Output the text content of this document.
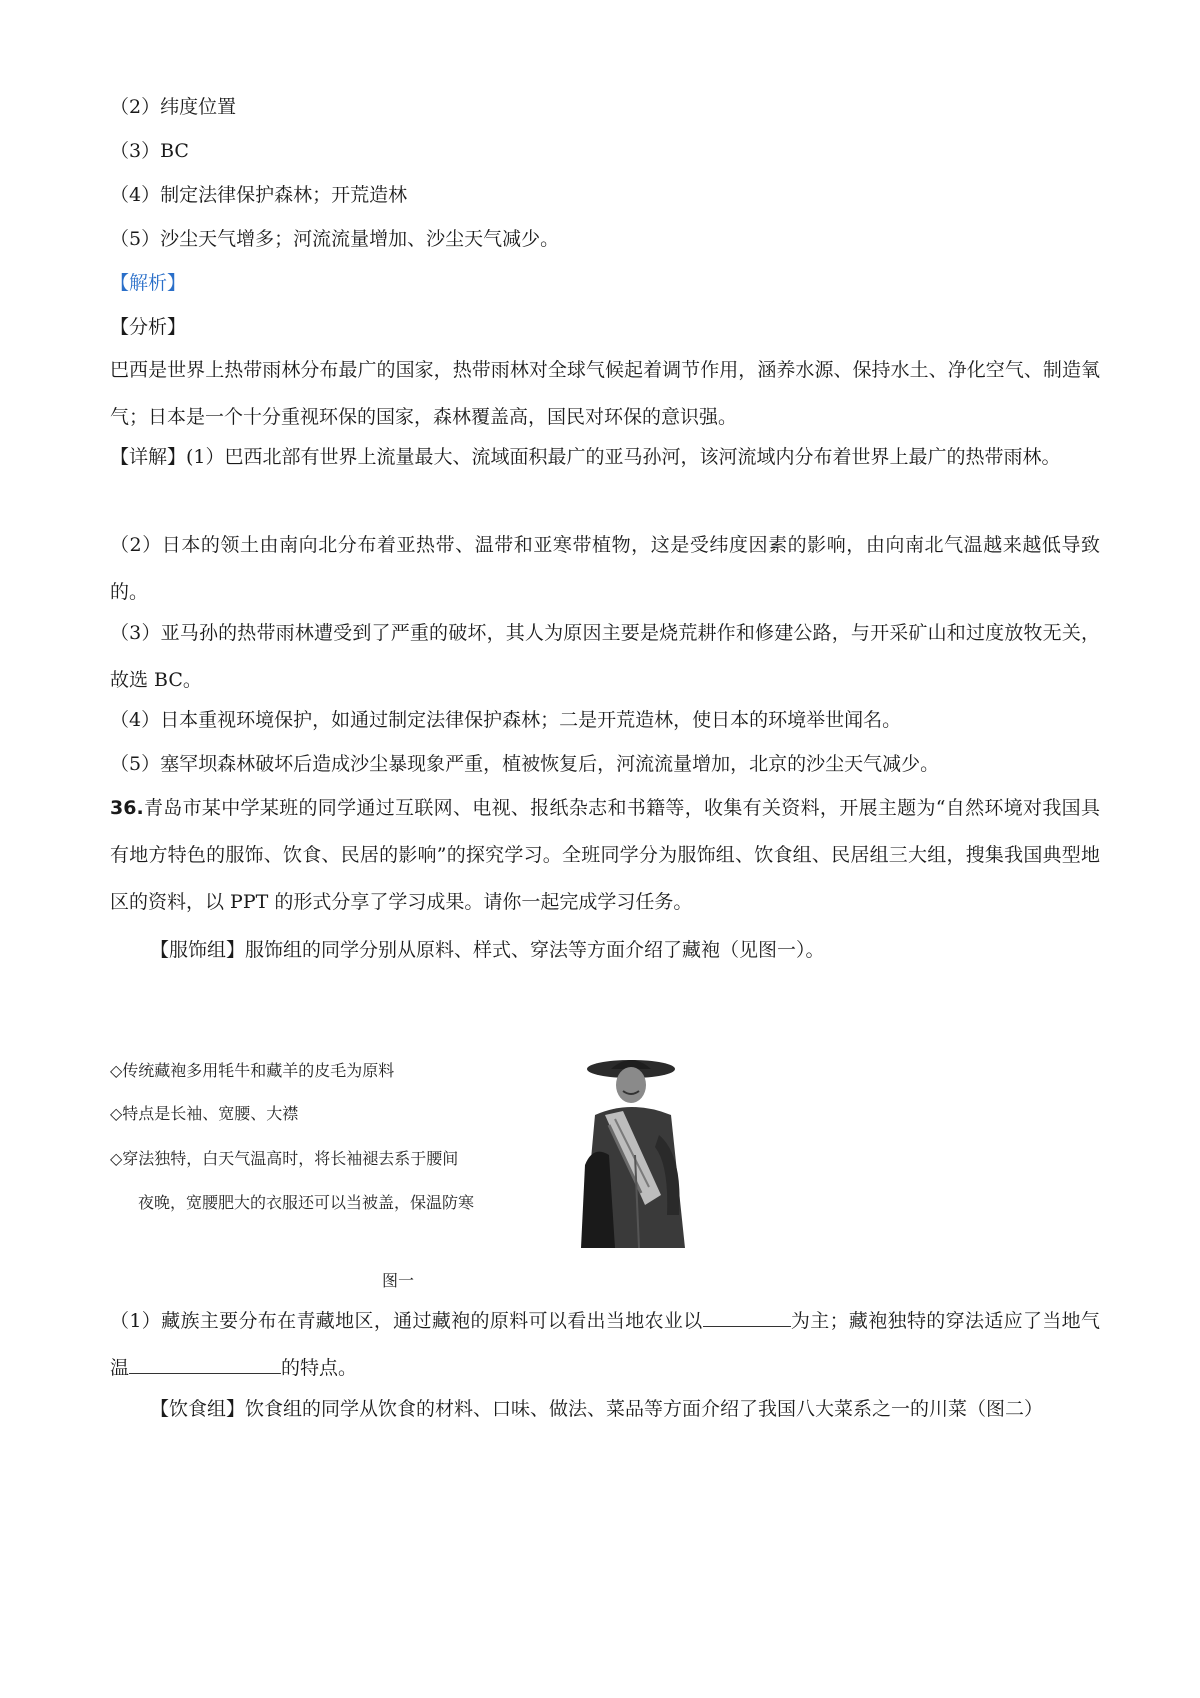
（2）纬度位置
（3）BC
（4）制定法律保护森林；开荒造林
（5）沙尘天气增多；河流流量增加、沙尘天气减少。
【解析】
【分析】
巴西是世界上热带雨林分布最广的国家，热带雨林对全球气候起着调节作用，涵养水源、保持水土、净化空气、制造氧气；日本是一个十分重视环保的国家，森林覆盖高，国民对环保的意识强。
【详解】(1）巴西北部有世界上流量最大、流域面积最广的亚马孙河，该河流域内分布着世界上最广的热带雨林。
（2）日本的领土由南向北分布着亚热带、温带和亚寒带植物，这是受纬度因素的影响，由向南北气温越来越低导致的。
（3）亚马孙的热带雨林遭受到了严重的破坏，其人为原因主要是烧荒耕作和修建公路，与开采矿山和过度放牧无关，故选 BC。
（4）日本重视环境保护，如通过制定法律保护森林；二是开荒造林，使日本的环境举世闻名。
（5）塞罕坝森林破坏后造成沙尘暴现象严重，植被恢复后，河流流量增加，北京的沙尘天气减少。
36.青岛市某中学某班的同学通过互联网、电视、报纸杂志和书籍等，收集有关资料，开展主题为“自然环境对我国具有地方特色的服饰、饮食、民居的影响”的探究学习。全班同学分为服饰组、饮食组、民居组三大组，搜集我国典型地区的资料，以 PPT 的形式分享了学习成果。请你一起完成学习任务。
【服饰组】服饰组的同学分别从原料、样式、穿法等方面介绍了藏袍（见图一）。
◇传统藏袍多用牦牛和藏羊的皮毛为原料
◇特点是长袖、宽腰、大襟
◇穿法独特，白天气温高时，将长袖褪去系于腰间
夜晚，宽腰肥大的衣服还可以当被盖，保温防寒
图一
（1）藏族主要分布在青藏地区，通过藏袍的原料可以看出当地农业以	为主；藏袍独特的穿法适应了当地气温	的特点。
【饮食组】饮食组的同学从饮食的材料、口味、做法、菜品等方面介绍了我国八大菜系之一的川菜（图二）
